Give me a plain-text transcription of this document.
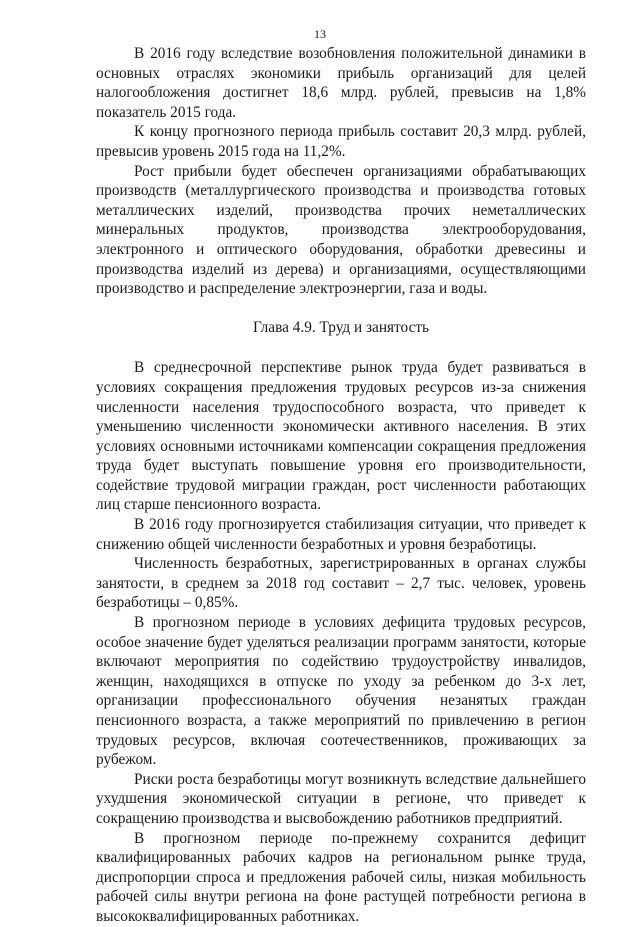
13

В 2016 году вследствие возобновления положительной динамики в основных отраслях экономики прибыль организаций для целей налогообложения достигнет 18,6 млрд. рублей, превысив на 1,8% показатель 2015 года.

К концу прогнозного периода прибыль составит 20,3 млрд. рублей, превысив уровень 2015 года на 11,2%.

Рост прибыли будет обеспечен организациями обрабатывающих производств (металлургического производства и производства готовых металлических изделий, производства прочих неметаллических минеральных продуктов, производства электрооборудования, электронного и оптического оборудования, обработки древесины и производства изделий из дерева) и организациями, осуществляющими производство и распределение электроэнергии, газа и воды.

Глава 4.9. Труд и занятость

В среднесрочной перспективе рынок труда будет развиваться в условиях сокращения предложения трудовых ресурсов из-за снижения численности населения трудоспособного возраста, что приведет к уменьшению численности экономически активного населения. В этих условиях основными источниками компенсации сокращения предложения труда будет выступать повышение уровня его производительности, содействие трудовой миграции граждан, рост численности работающих лиц старше пенсионного возраста.

В 2016 году прогнозируется стабилизация ситуации, что приведет к снижению общей численности безработных и уровня безработицы.

Численность безработных, зарегистрированных в органах службы занятости, в среднем за 2018 год составит – 2,7 тыс. человек, уровень безработицы – 0,85%.

В прогнозном периоде в условиях дефицита трудовых ресурсов, особое значение будет уделяться реализации программ занятости, которые включают мероприятия по содействию трудоустройству инвалидов, женщин, находящихся в отпуске по уходу за ребенком до 3-х лет, организации профессионального обучения незанятых граждан пенсионного возраста, а также мероприятий по привлечению в регион трудовых ресурсов, включая соотечественников, проживающих за рубежом.

Риски роста безработицы могут возникнуть вследствие дальнейшего ухудшения экономической ситуации в регионе, что приведет к сокращению производства и высвобождению работников предприятий.

В прогнозном периоде по-прежнему сохранится дефицит квалифицированных рабочих кадров на региональном рынке труда, диспропорции спроса и предложения рабочей силы, низкая мобильность рабочей силы внутри региона на фоне растущей потребности региона в высококвалифицированных работниках.
